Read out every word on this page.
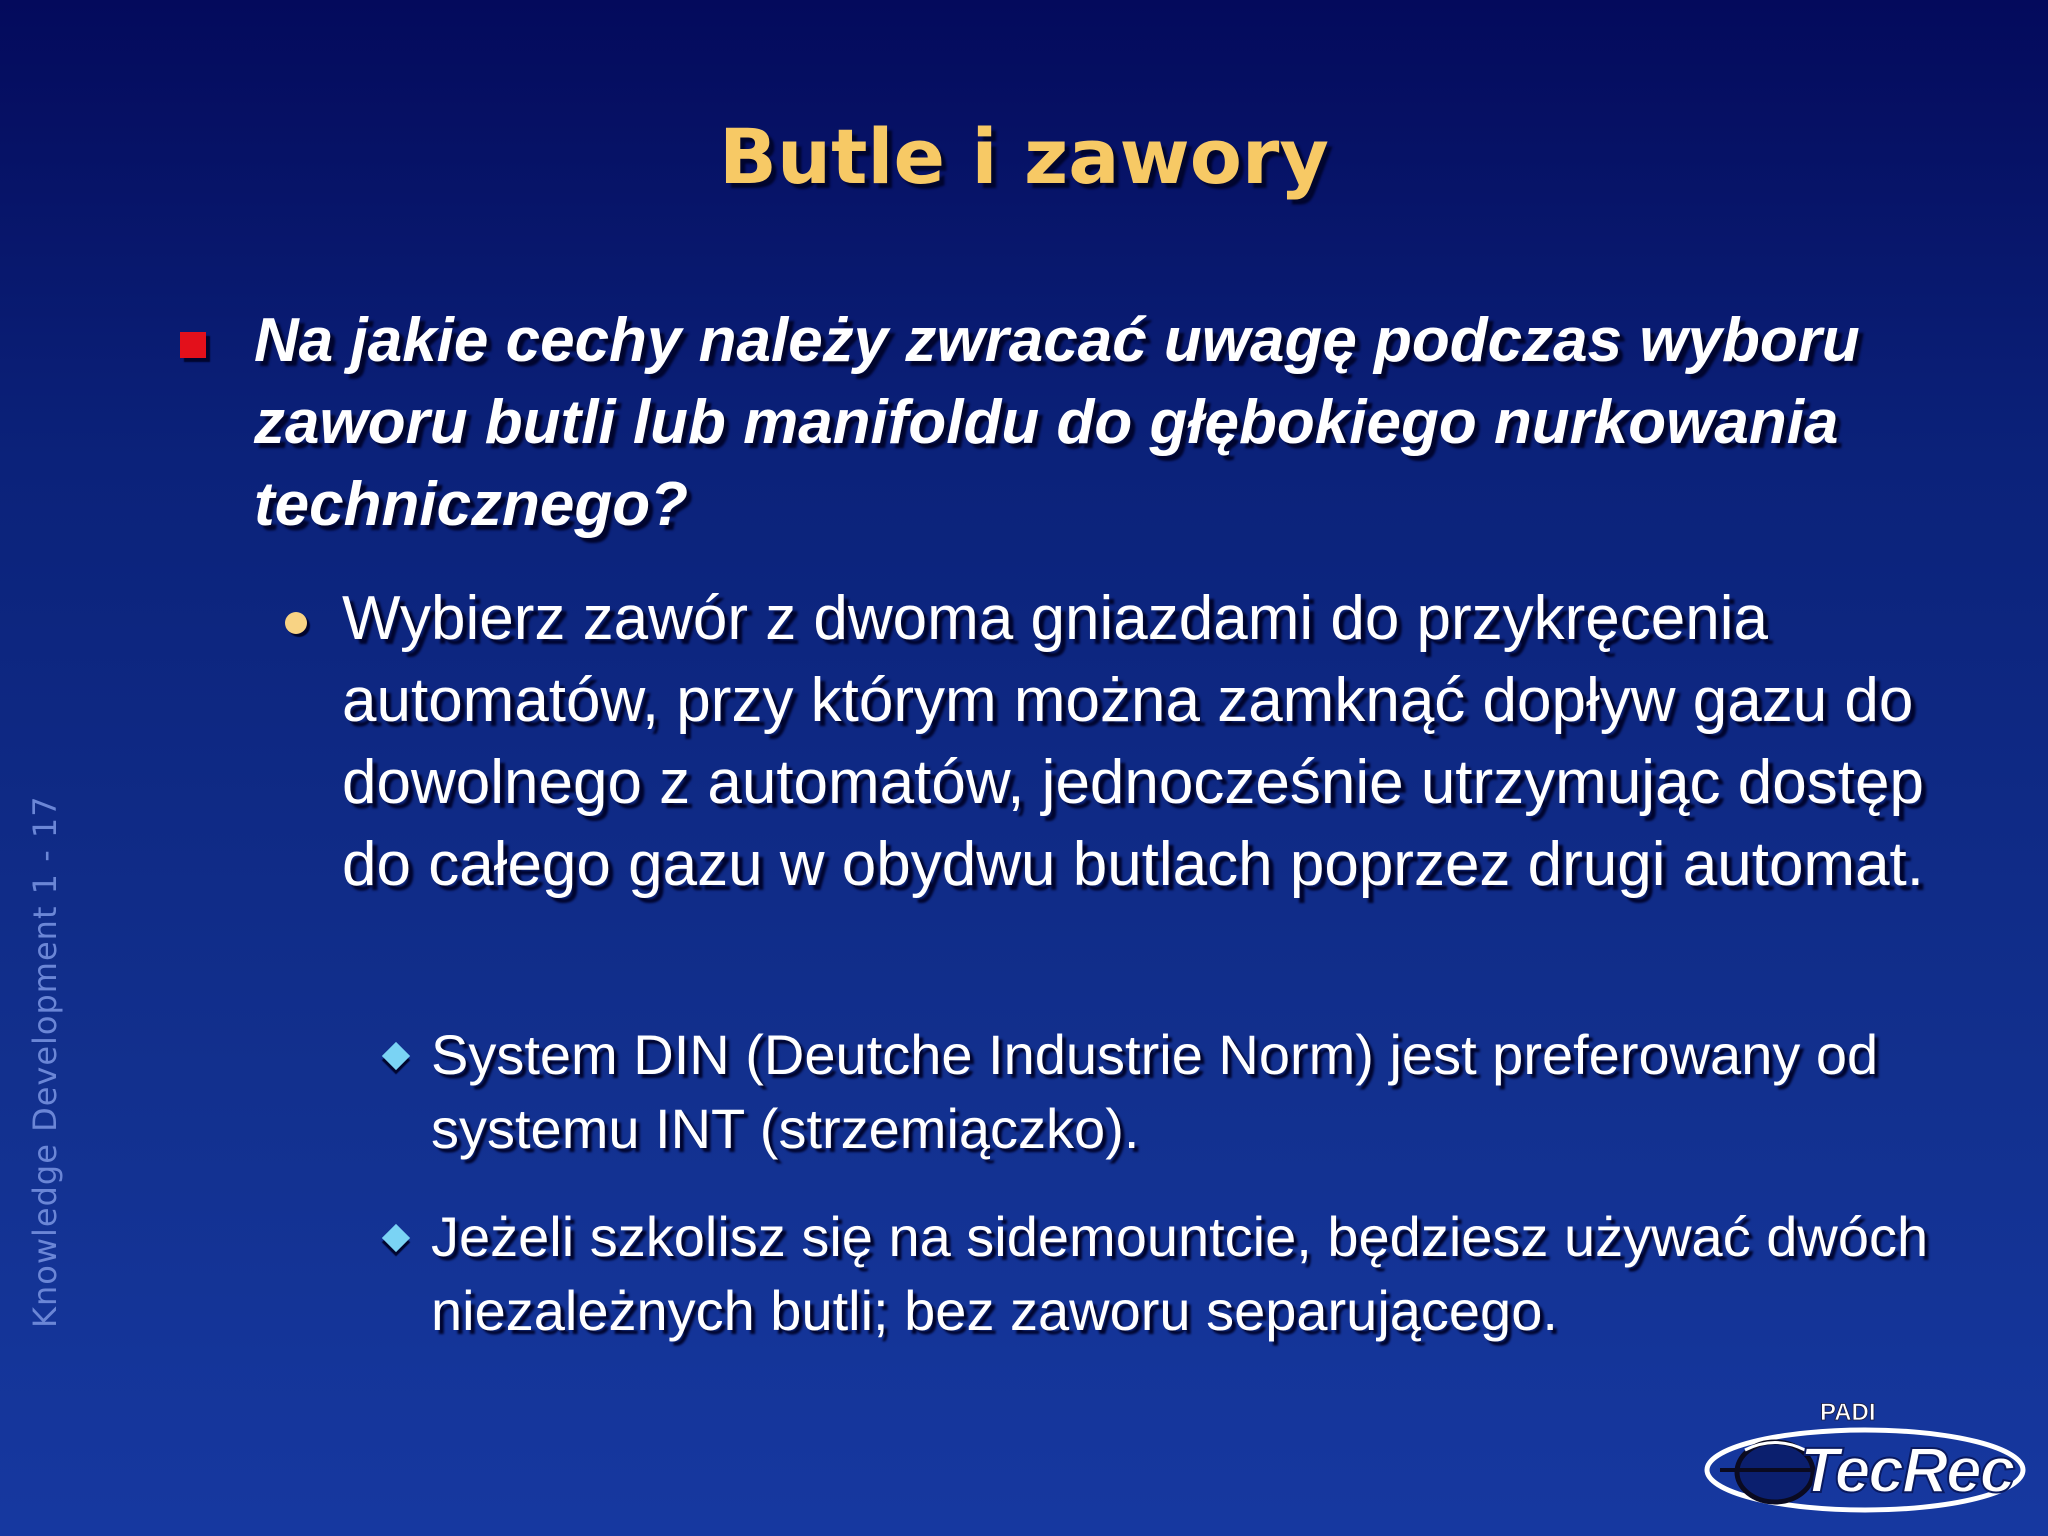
Butle i zawory
Knowledge Development 1 - 17
Na jakie cechy należy zwracać uwagę podczas wyboru zaworu butli lub manifoldu do głębokiego nurkowania technicznego?
Wybierz zawór z dwoma gniazdami do przykręcenia automatów, przy którym można zamknąć dopływ gazu do dowolnego z automatów, jednocześnie utrzymując dostęp do całego gazu w obydwu butlach poprzez drugi automat.
System DIN (Deutche Industrie Norm) jest preferowany od systemu INT (strzemiączko).
Jeżeli szkolisz się na sidemountcie, będziesz używać dwóch niezależnych butli; bez zaworu separującego.
PADI
TecRec
